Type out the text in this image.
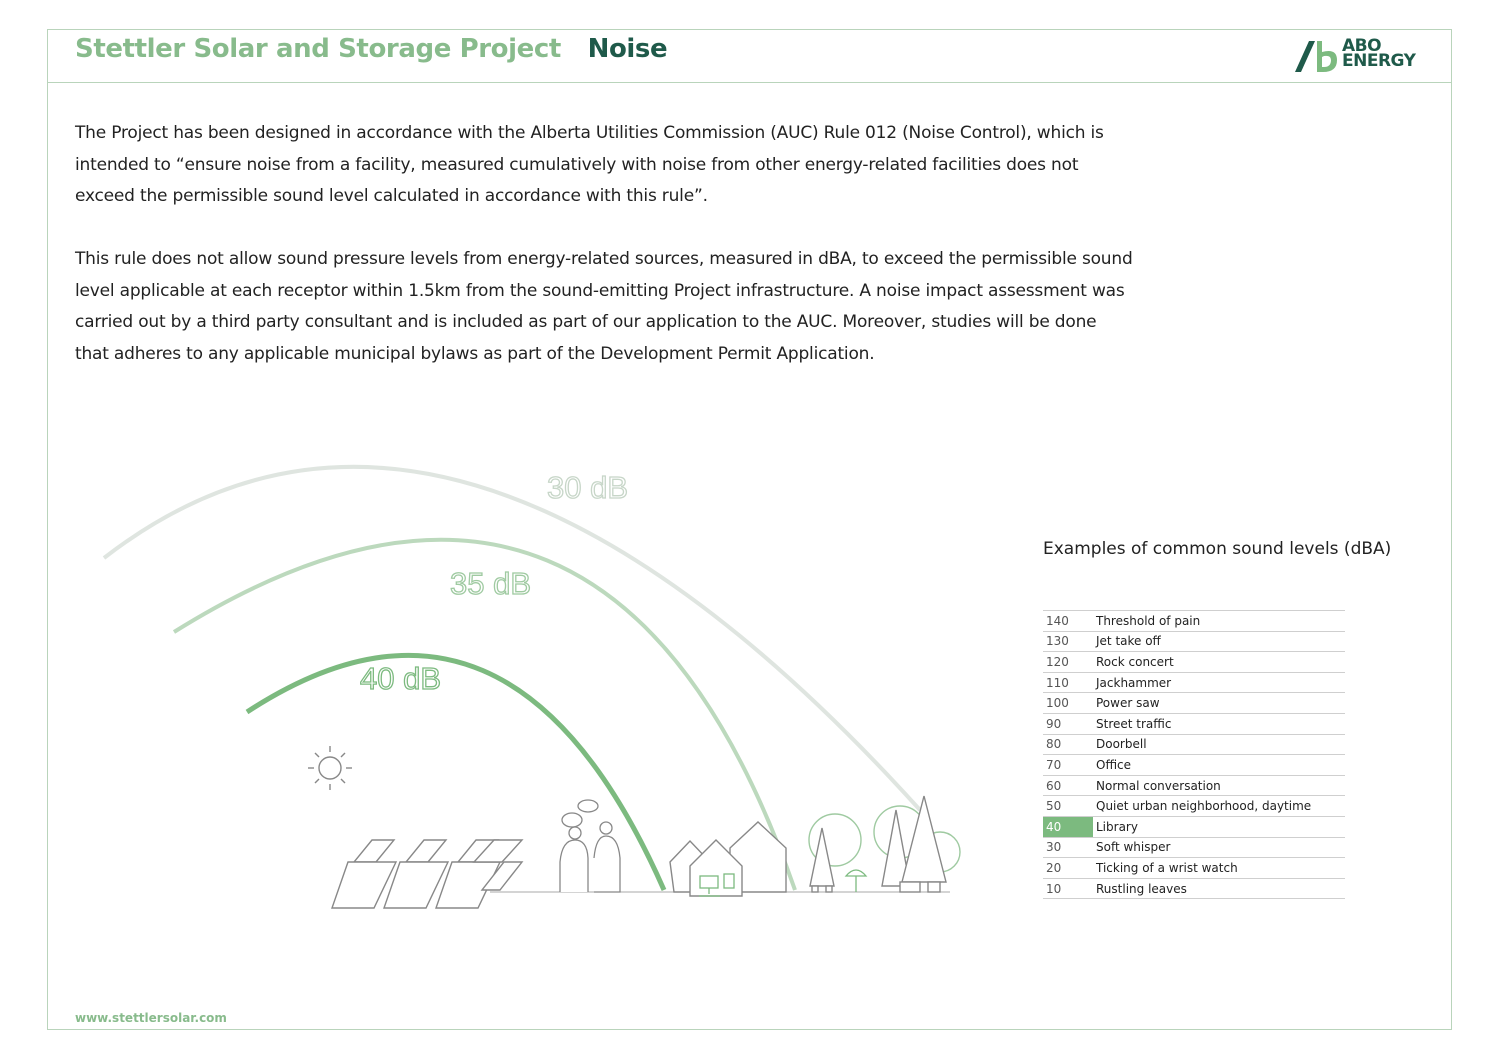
Stettler Solar and Storage Project Noise	ABO
ENERGY

The Project has been designed in accordance with the Alberta Utilities Commission (AUC) Rule 012 (Noise Control), which is intended to “ensure noise from a facility, measured cumulatively with noise from other energy-related facilities does not exceed the permissible sound level calculated in accordance with this rule”.

This rule does not allow sound pressure levels from energy-related sources, measured in dBA, to exceed the permissible sound level applicable at each receptor within 1.5km from the sound-emitting Project infrastructure. A noise impact assessment was carried out by a third party consultant and is included as part of our application to the AUC. Moreover, studies will be done that adheres to any applicable municipal bylaws as part of the Development Permit Application.

30 dB
35 dB
40 dB
Examples of common sound levels (dBA)
140	Threshold of pain
130	Jet take off
120	Rock concert
110	Jackhammer
100	Power saw
90	Street traffic
80	Doorbell
70	Office
60	Normal conversation
50	Quiet urban neighborhood, daytime
40	Library
30	Soft whisper
20	Ticking of a wrist watch
10	Rustling leaves
www.stettlersolar.com
